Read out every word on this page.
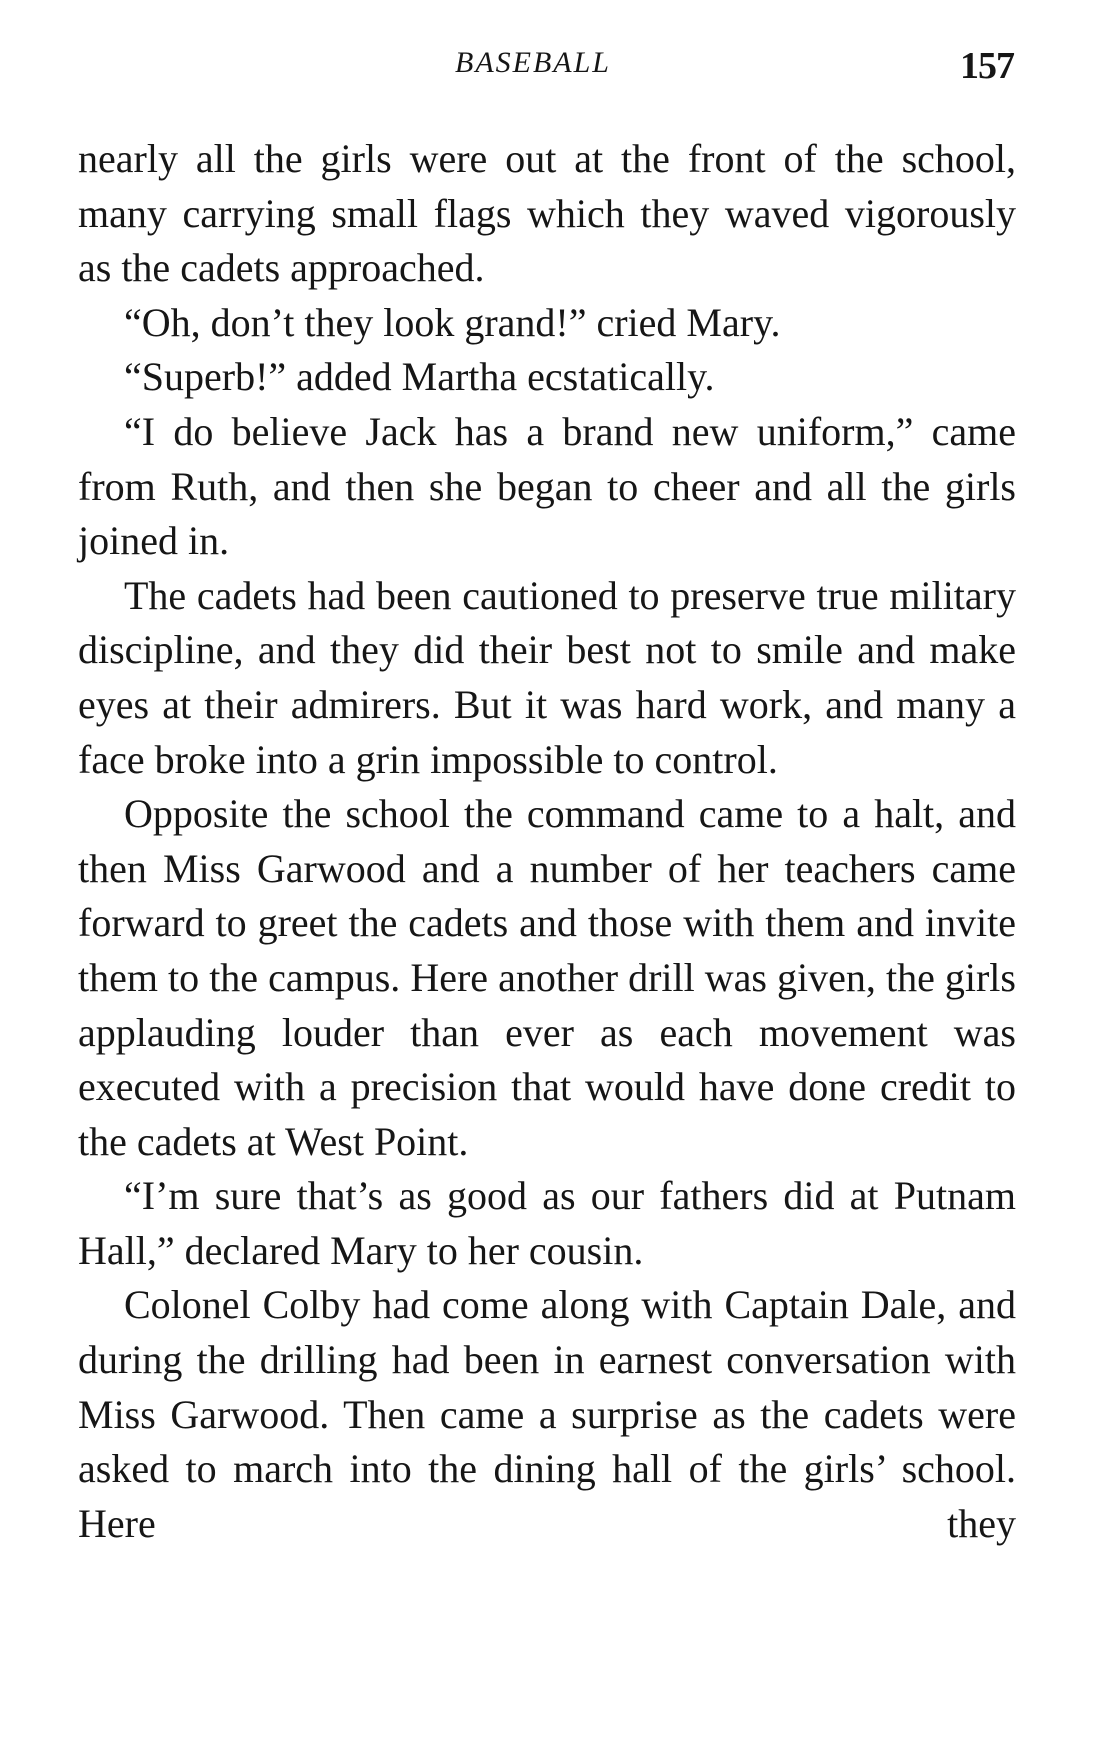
BASEBALL	157

nearly all the girls were out at the front of the school, many carrying small flags which they waved vigorously as the cadets approached.

“Oh, don’t they look grand!” cried Mary.

“Superb!” added Martha ecstatically.

“I do believe Jack has a brand new uniform,” came from Ruth, and then she began to cheer and all the girls joined in.

The cadets had been cautioned to preserve true military discipline, and they did their best not to smile and make eyes at their admirers. But it was hard work, and many a face broke into a grin impossible to control.

Opposite the school the command came to a halt, and then Miss Garwood and a number of her teachers came forward to greet the cadets and those with them and invite them to the campus. Here another drill was given, the girls applauding louder than ever as each movement was executed with a precision that would have done credit to the cadets at West Point.

“I’m sure that’s as good as our fathers did at Putnam Hall,” declared Mary to her cousin.

Colonel Colby had come along with Captain Dale, and during the drilling had been in earnest conversation with Miss Garwood. Then came a surprise as the cadets were asked to march into the dining hall of the girls’ school. Here they
